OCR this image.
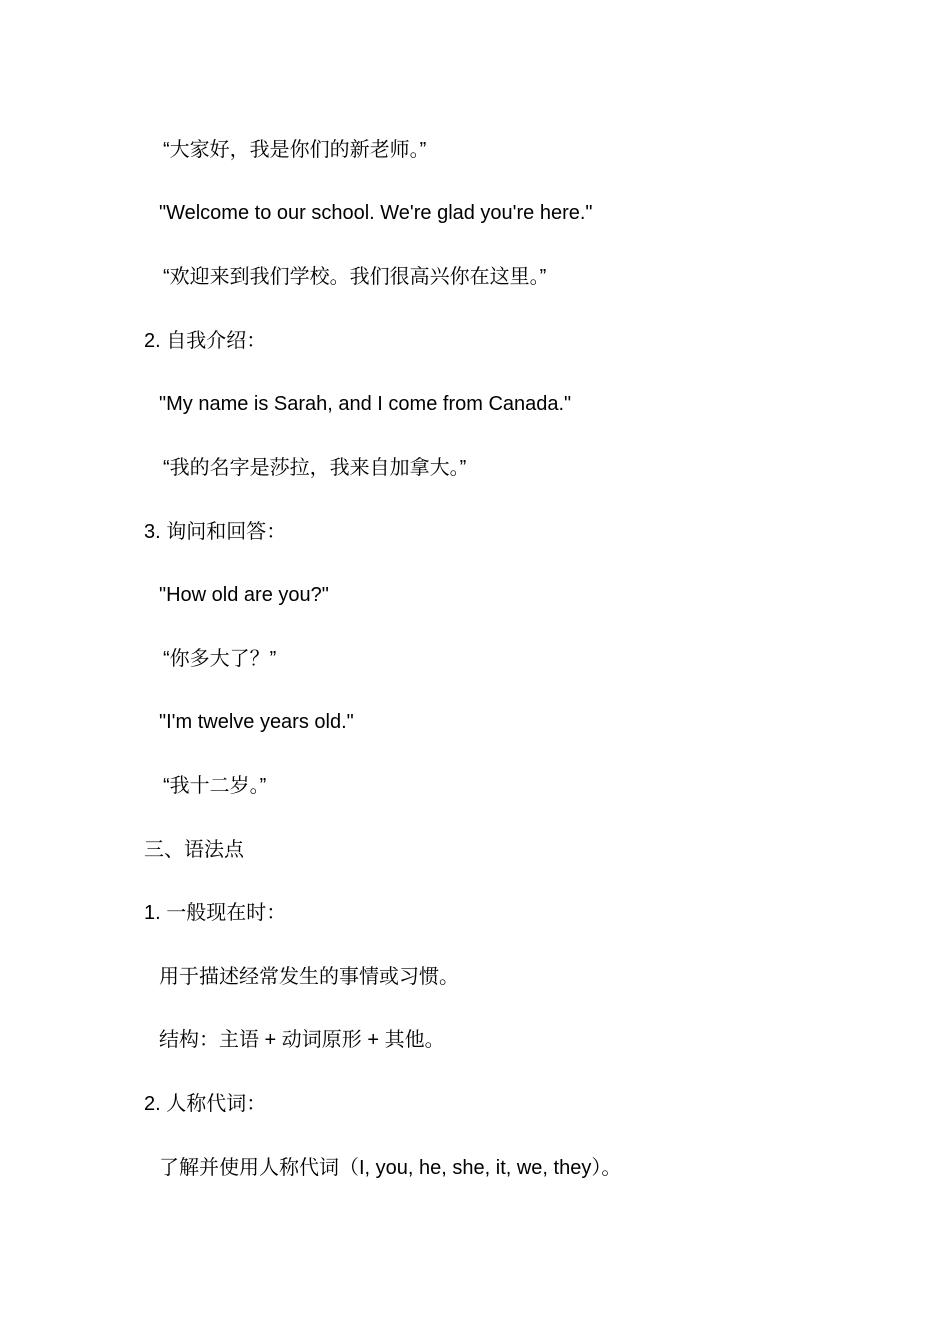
“大家好，我是你们的新老师。”
"Welcome to our school. We're glad you're here."
“欢迎来到我们学校。我们很高兴你在这里。”
2. 自我介绍：
"My name is Sarah, and I come from Canada."
“我的名字是莎拉，我来自加拿大。”
3. 询问和回答：
"How old are you?"
“你多大了？”
"I'm twelve years old."
“我十二岁。”
三、语法点
1. 一般现在时：
用于描述经常发生的事情或习惯。
结构：主语 + 动词原形 + 其他。
2. 人称代词：
了解并使用人称代词（I, you, he, she, it, we, they）。
